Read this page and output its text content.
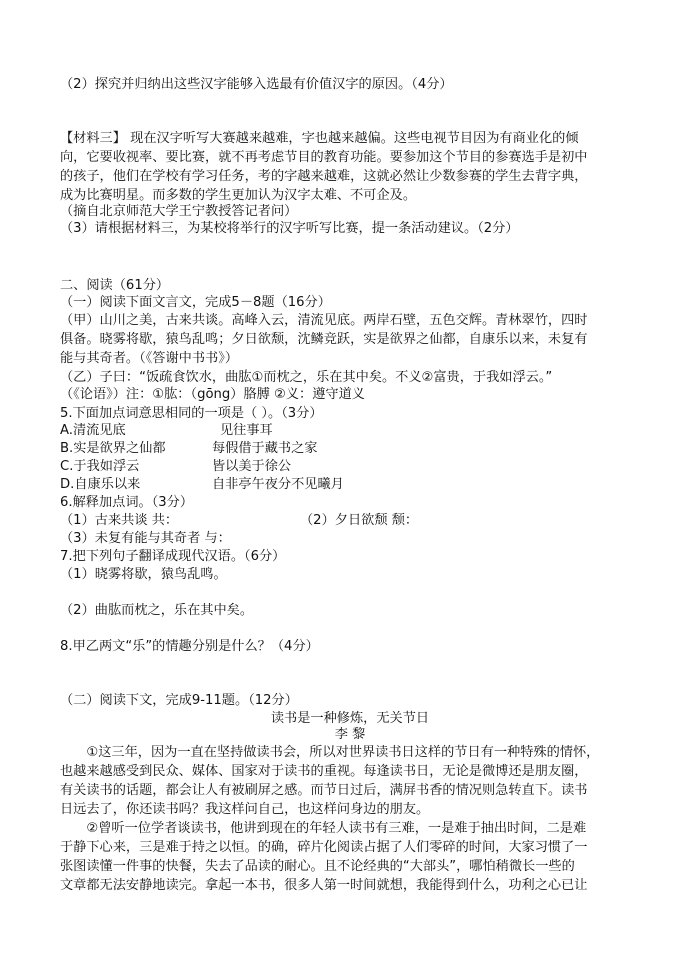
（2）探究并归纳出这些汉字能够入选最有价值汉字的原因。（4分）
【材料三】 现在汉字听写大赛越来越难，字也越来越偏。这些电视节目因为有商业化的倾
向，它要收视率、要比赛，就不再考虑节目的教育功能。要参加这个节目的参赛选手是初中
的孩子，他们在学校有学习任务，考的字越来越难，这就必然让少数参赛的学生去背字典，
成为比赛明星。而多数的学生更加认为汉字太难、不可企及。
（摘自北京师范大学王宁教授答记者问）
（3）请根据材料三，为某校将举行的汉字听写比赛，提一条活动建议。（2分）
二、阅读（61分）
（一）阅读下面文言文，完成5－8题（16分）
（甲）山川之美，古来共谈。高峰入云，清流见底。两岸石壁，五色交辉。青林翠竹，四时
俱备。晓雾将歇，猿鸟乱鸣；夕日欲颓，沈鳞竞跃，实是欲界之仙都，自康乐以来，未复有
能与其奇者。（《答谢中书书》）
（乙）子曰：“饭疏食饮水，曲肱①而枕之，乐在其中矣。不义②富贵，于我如浮云。”
（《论语》）注：①肱：（gōng）胳膊 ②义：遵守道义
5.下面加点词意思相同的一项是（ ）。（3分）
A.清流见底	见往事耳
B.实是欲界之仙都	每假借于藏书之家
C.于我如浮云	皆以美于徐公
D.自康乐以来	自非亭午夜分不见曦月
6.解释加点词。（3分）
（1）古来共谈 共：	（2）夕日欲颓 颓：
（3）未复有能与其奇者 与：
7.把下列句子翻译成现代汉语。（6分）
（1）晓雾将歇，猿鸟乱鸣。
（2）曲肱而枕之，乐在其中矣。
8.甲乙两文“乐”的情趣分别是什么？（4分）
（二）阅读下文，完成9-11题。（12分）
读书是一种修炼，无关节日
李 黎
①这三年，因为一直在坚持做读书会，所以对世界读书日这样的节日有一种特殊的情怀，
也越来越感受到民众、媒体、国家对于读书的重视。每逢读书日，无论是微博还是朋友圈，
有关读书的话题，都会让人有被刷屏之感。而节日过后，满屏书香的情况则急转直下。读书
日远去了，你还读书吗？我这样问自己，也这样问身边的朋友。
②曾听一位学者谈读书，他讲到现在的年轻人读书有三难，一是难于抽出时间，二是难
于静下心来，三是难于持之以恒。的确，碎片化阅读占据了人们零碎的时间，大家习惯了一
张图读懂一件事的快餐，失去了品读的耐心。且不论经典的“大部头”，哪怕稍微长一些的
文章都无法安静地读完。拿起一本书，很多人第一时间就想，我能得到什么，功利之心已让
